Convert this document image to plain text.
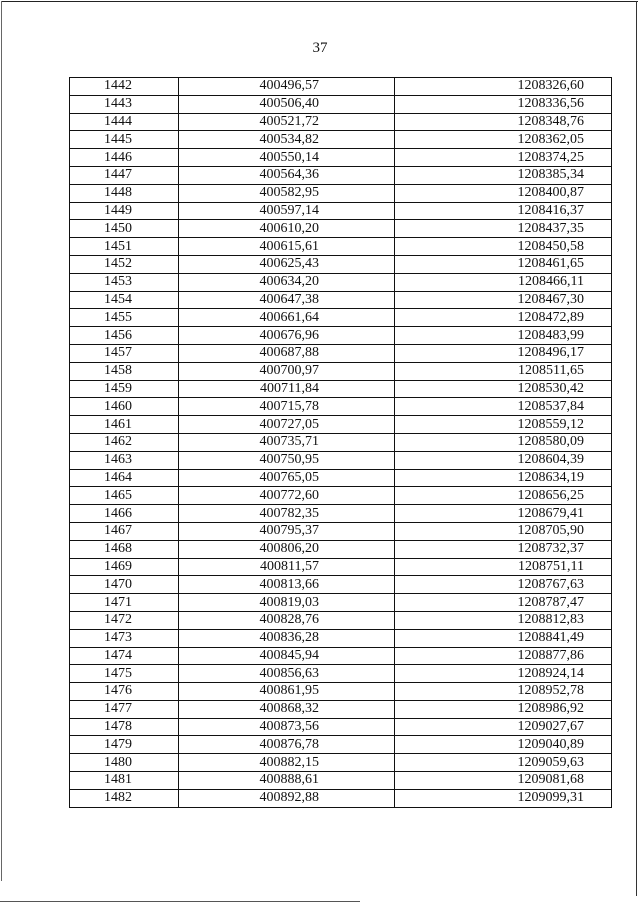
37
1442	400496,57	1208326,60
1443	400506,40	1208336,56
1444	400521,72	1208348,76
1445	400534,82	1208362,05
1446	400550,14	1208374,25
1447	400564,36	1208385,34
1448	400582,95	1208400,87
1449	400597,14	1208416,37
1450	400610,20	1208437,35
1451	400615,61	1208450,58
1452	400625,43	1208461,65
1453	400634,20	1208466,11
1454	400647,38	1208467,30
1455	400661,64	1208472,89
1456	400676,96	1208483,99
1457	400687,88	1208496,17
1458	400700,97	1208511,65
1459	400711,84	1208530,42
1460	400715,78	1208537,84
1461	400727,05	1208559,12
1462	400735,71	1208580,09
1463	400750,95	1208604,39
1464	400765,05	1208634,19
1465	400772,60	1208656,25
1466	400782,35	1208679,41
1467	400795,37	1208705,90
1468	400806,20	1208732,37
1469	400811,57	1208751,11
1470	400813,66	1208767,63
1471	400819,03	1208787,47
1472	400828,76	1208812,83
1473	400836,28	1208841,49
1474	400845,94	1208877,86
1475	400856,63	1208924,14
1476	400861,95	1208952,78
1477	400868,32	1208986,92
1478	400873,56	1209027,67
1479	400876,78	1209040,89
1480	400882,15	1209059,63
1481	400888,61	1209081,68
1482	400892,88	1209099,31
